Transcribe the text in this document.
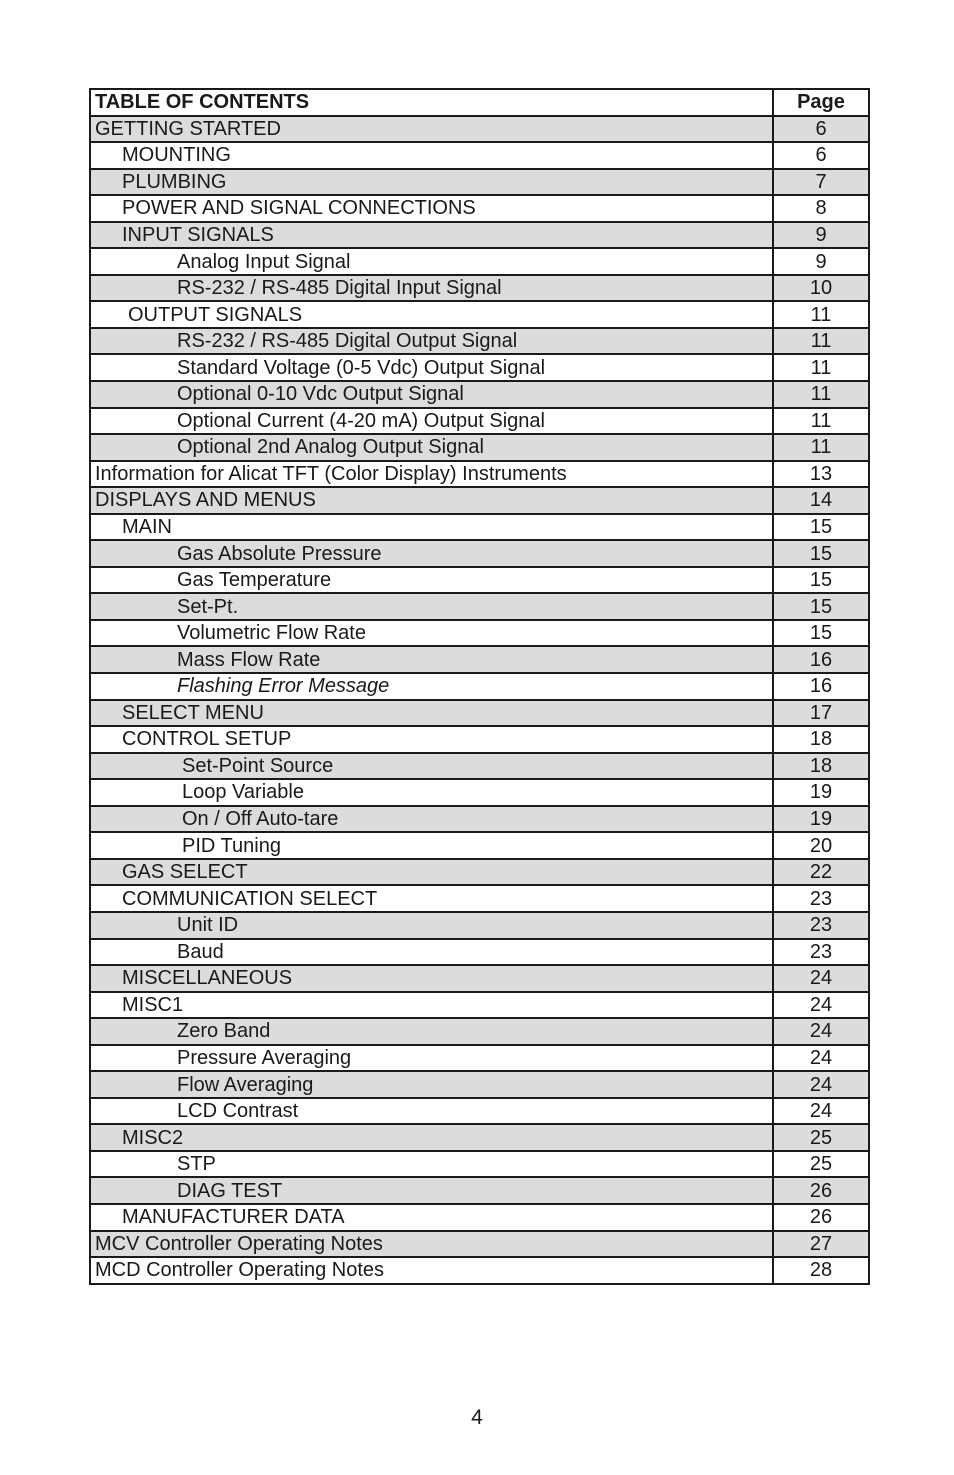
TABLE OF CONTENTS	Page
GETTING STARTED	6
MOUNTING	6
PLUMBING	7
POWER AND SIGNAL CONNECTIONS	8
INPUT SIGNALS	9
Analog Input Signal	9
RS-232 / RS-485 Digital Input Signal	10
OUTPUT SIGNALS	11
RS-232 / RS-485 Digital Output Signal	11
Standard Voltage (0-5 Vdc) Output Signal	11
Optional 0-10 Vdc Output Signal	11
Optional Current (4-20 mA) Output Signal	11
Optional 2nd Analog Output Signal	11
Information for Alicat TFT (Color Display) Instruments	13
DISPLAYS AND MENUS	14
MAIN	15
Gas Absolute Pressure	15
Gas Temperature	15
Set-Pt.	15
Volumetric Flow Rate	15
Mass Flow Rate	16
Flashing Error Message	16
SELECT MENU	17
CONTROL SETUP	18
Set-Point Source	18
Loop Variable	19
On / Off Auto-tare	19
PID Tuning	20
GAS SELECT	22
COMMUNICATION SELECT	23
Unit ID	23
Baud	23
MISCELLANEOUS	24
MISC1	24
Zero Band	24
Pressure Averaging	24
Flow Averaging	24
LCD Contrast	24
MISC2	25
STP	25
DIAG TEST	26
MANUFACTURER DATA	26
MCV Controller Operating Notes	27
MCD Controller Operating Notes	28
4
